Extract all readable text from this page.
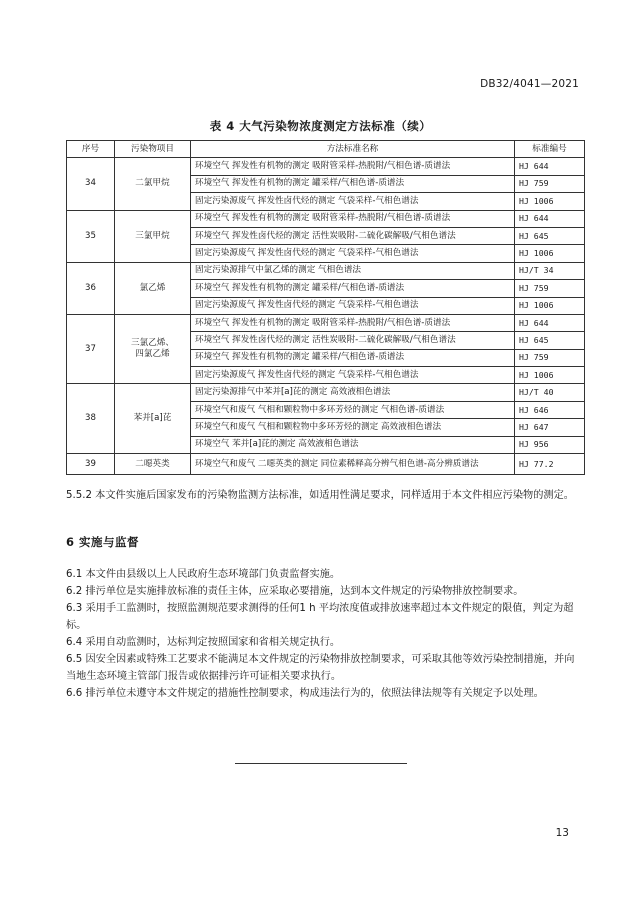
DB32/4041—2021
表 4 大气污染物浓度测定方法标准（续）
序号	污染物项目	方法标准名称	标准编号
34	二氯甲烷	环境空气 挥发性有机物的测定 吸附管采样-热脱附/气相色谱-质谱法	HJ 644
		环境空气 挥发性有机物的测定 罐采样/气相色谱-质谱法	HJ 759
		固定污染源废气 挥发性卤代烃的测定 气袋采样-气相色谱法	HJ 1006
35	三氯甲烷	环境空气 挥发性有机物的测定 吸附管采样-热脱附/气相色谱-质谱法	HJ 644
		环境空气 挥发性卤代烃的测定 活性炭吸附-二硫化碳解吸/气相色谱法	HJ 645
		固定污染源废气 挥发性卤代烃的测定 气袋采样-气相色谱法	HJ 1006
36	氯乙烯	固定污染源排气中氯乙烯的测定 气相色谱法	HJ/T 34
		环境空气 挥发性有机物的测定 罐采样/气相色谱-质谱法	HJ 759
		固定污染源废气 挥发性卤代烃的测定 气袋采样-气相色谱法	HJ 1006
37	三氯乙烯、
四氯乙烯	环境空气 挥发性有机物的测定 吸附管采样-热脱附/气相色谱-质谱法	HJ 644
		环境空气 挥发性卤代烃的测定 活性炭吸附-二硫化碳解吸/气相色谱法	HJ 645
		环境空气 挥发性有机物的测定 罐采样/气相色谱-质谱法	HJ 759
		固定污染源废气 挥发性卤代烃的测定 气袋采样-气相色谱法	HJ 1006
38	苯并[a]芘	固定污染源排气中苯并[a]芘的测定 高效液相色谱法	HJ/T 40
		环境空气和废气 气相和颗粒物中多环芳烃的测定 气相色谱-质谱法	HJ 646
		环境空气和废气 气相和颗粒物中多环芳烃的测定 高效液相色谱法	HJ 647
		环境空气 苯并[a]芘的测定 高效液相色谱法	HJ 956
39	二噁英类	环境空气和废气 二噁英类的测定 同位素稀释高分辨气相色谱-高分辨质谱法	HJ 77.2

5.5.2 本文件实施后国家发布的污染物监测方法标准，如适用性满足要求，同样适用于本文件相应污染物的测定。

6 实施与监督

6.1 本文件由县级以上人民政府生态环境部门负责监督实施。

6.2 排污单位是实施排放标准的责任主体，应采取必要措施，达到本文件规定的污染物排放控制要求。

6.3 采用手工监测时，按照监测规范要求测得的任何1 h 平均浓度值或排放速率超过本文件规定的限值，判定为超标。

6.4 采用自动监测时，达标判定按照国家和省相关规定执行。

6.5 因安全因素或特殊工艺要求不能满足本文件规定的污染物排放控制要求，可采取其他等效污染控制措施，并向当地生态环境主管部门报告或依据排污许可证相关要求执行。

6.6 排污单位未遵守本文件规定的措施性控制要求，构成违法行为的，依照法律法规等有关规定予以处理。

13
